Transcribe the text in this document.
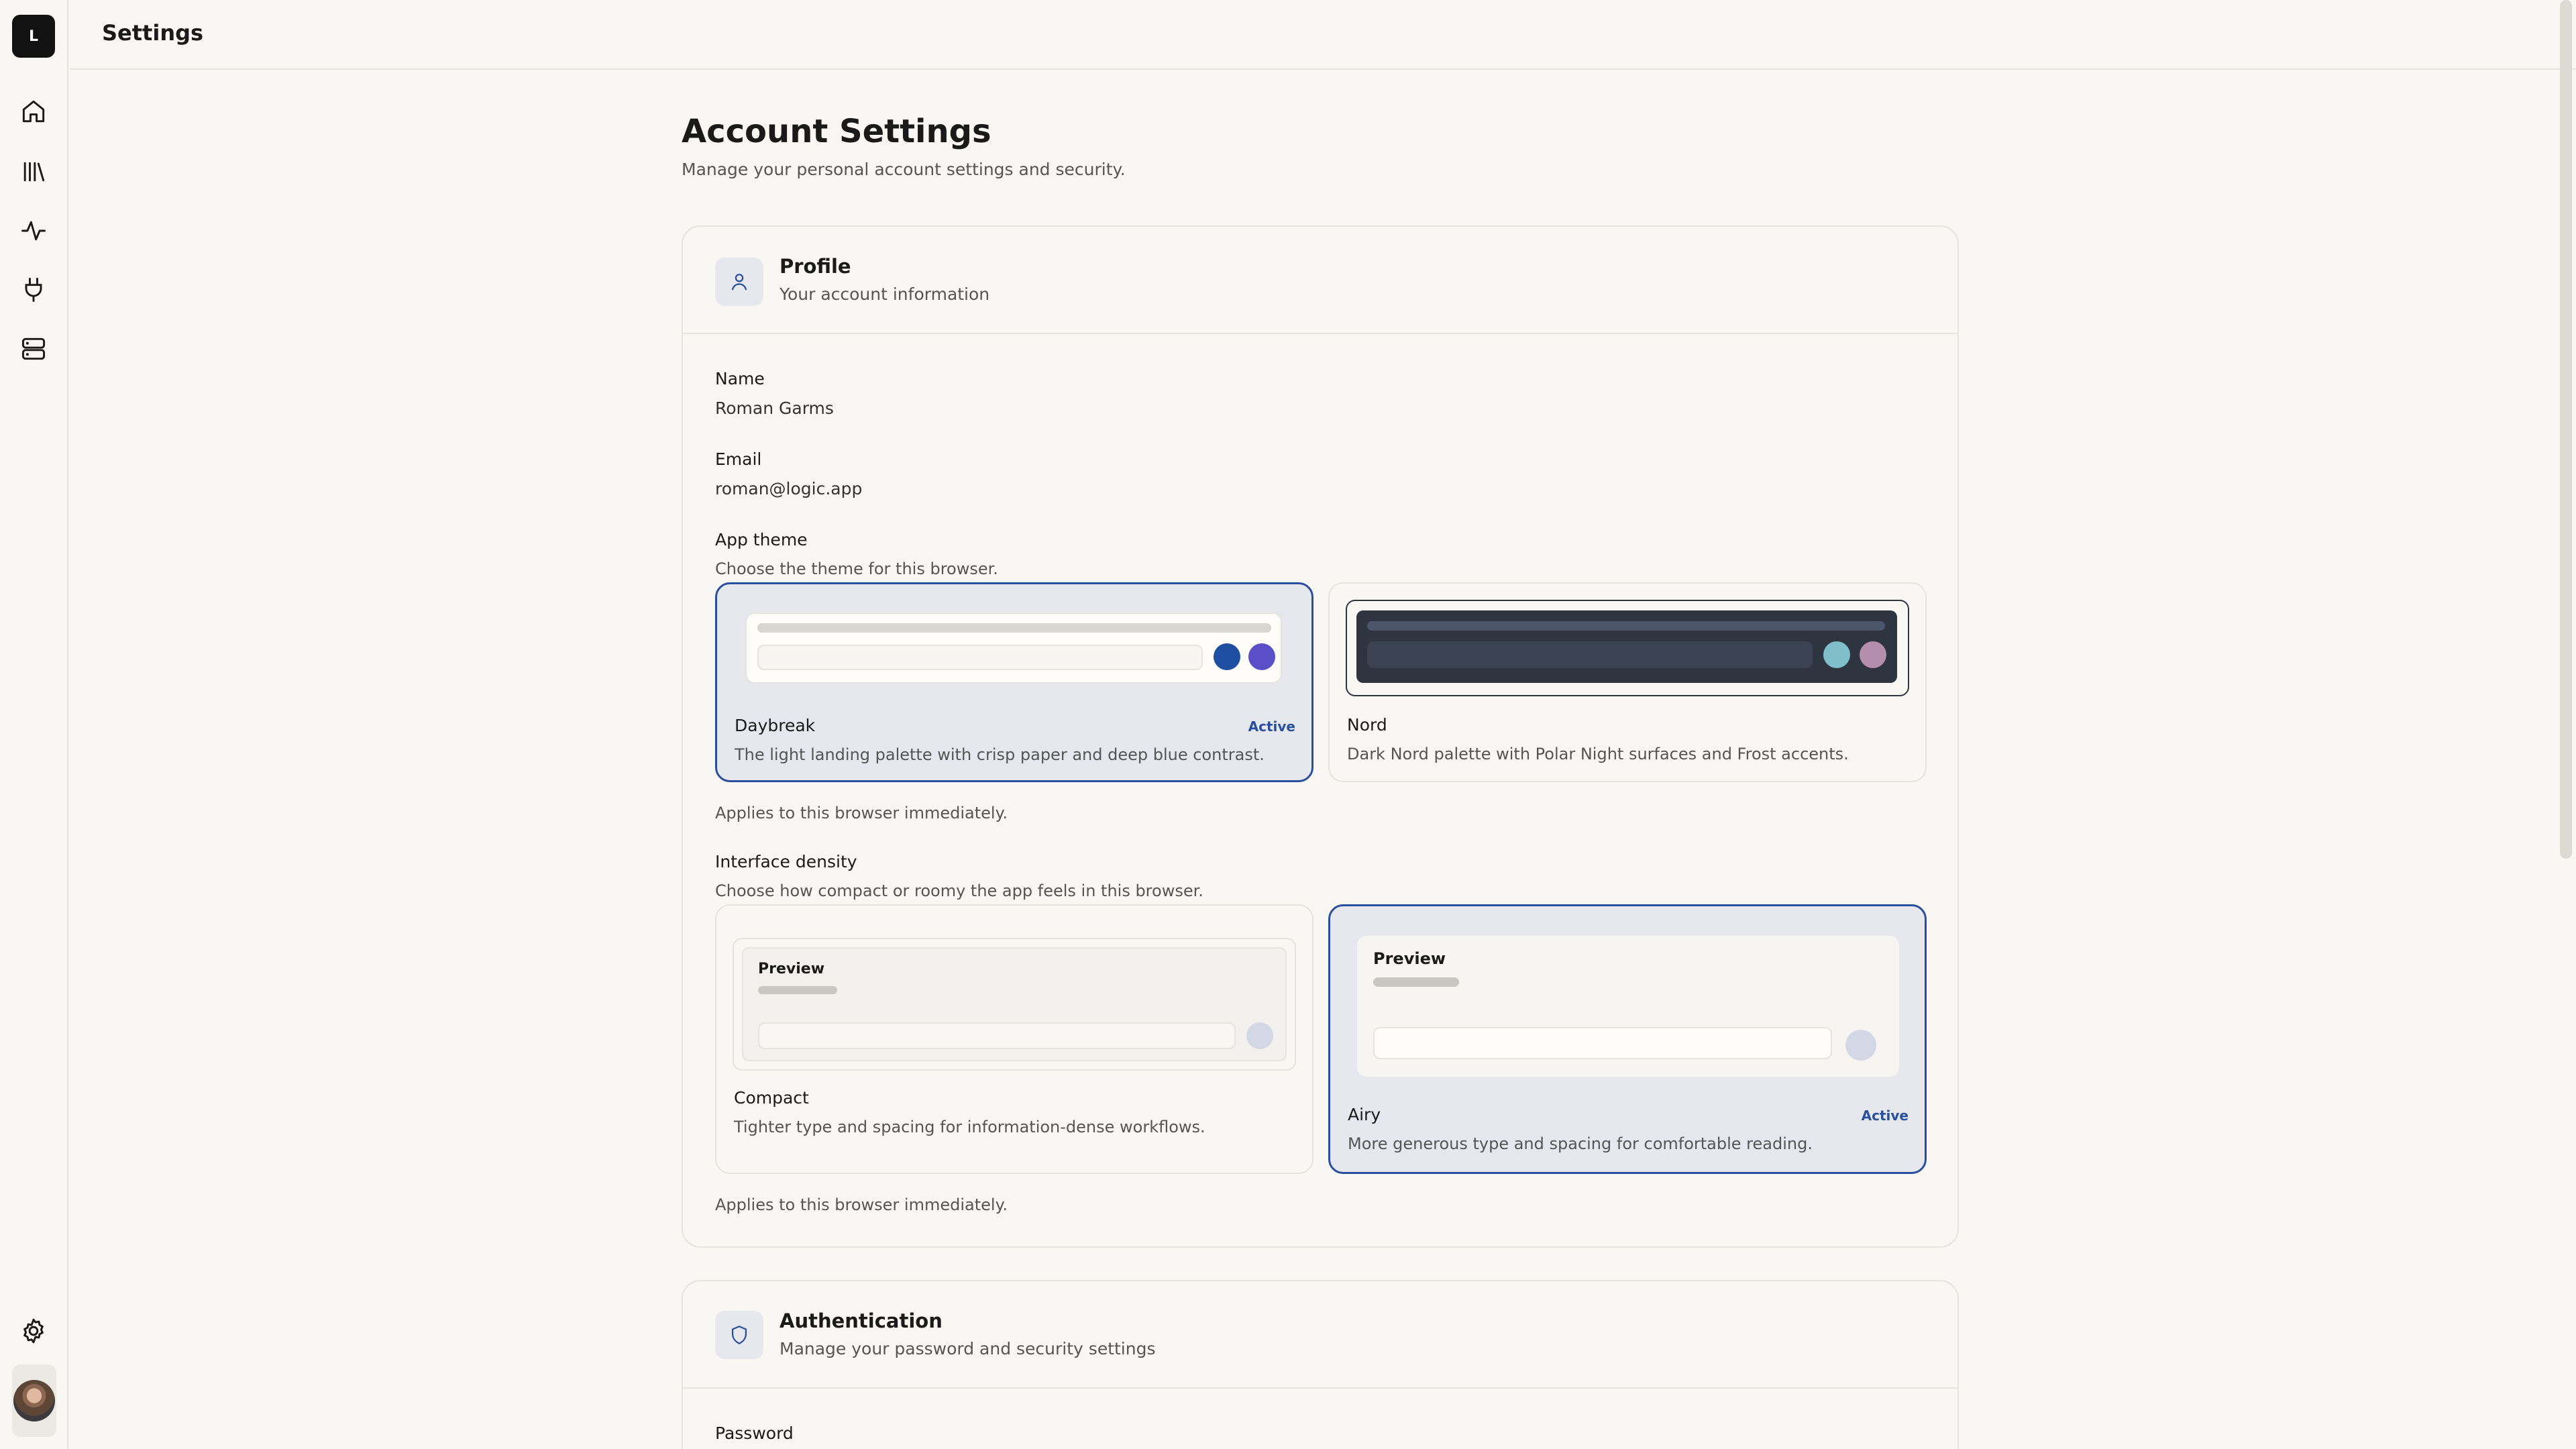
L	Settings
Account Settings
Manage your personal account settings and security.
Profile
Your account information
Name
Roman Garms
Email
roman@logic.app
App theme
Choose the theme for this browser.
Daybreak	Active
The light landing palette with crisp paper and deep blue contrast.
Nord
Dark Nord palette with Polar Night surfaces and Frost accents.
Applies to this browser immediately.
Interface density
Choose how compact or roomy the app feels in this browser.
Preview
Compact
Tighter type and spacing for information-dense workflows.
Preview
Airy	Active
More generous type and spacing for comfortable reading.
Applies to this browser immediately.
Authentication
Manage your password and security settings
Password
